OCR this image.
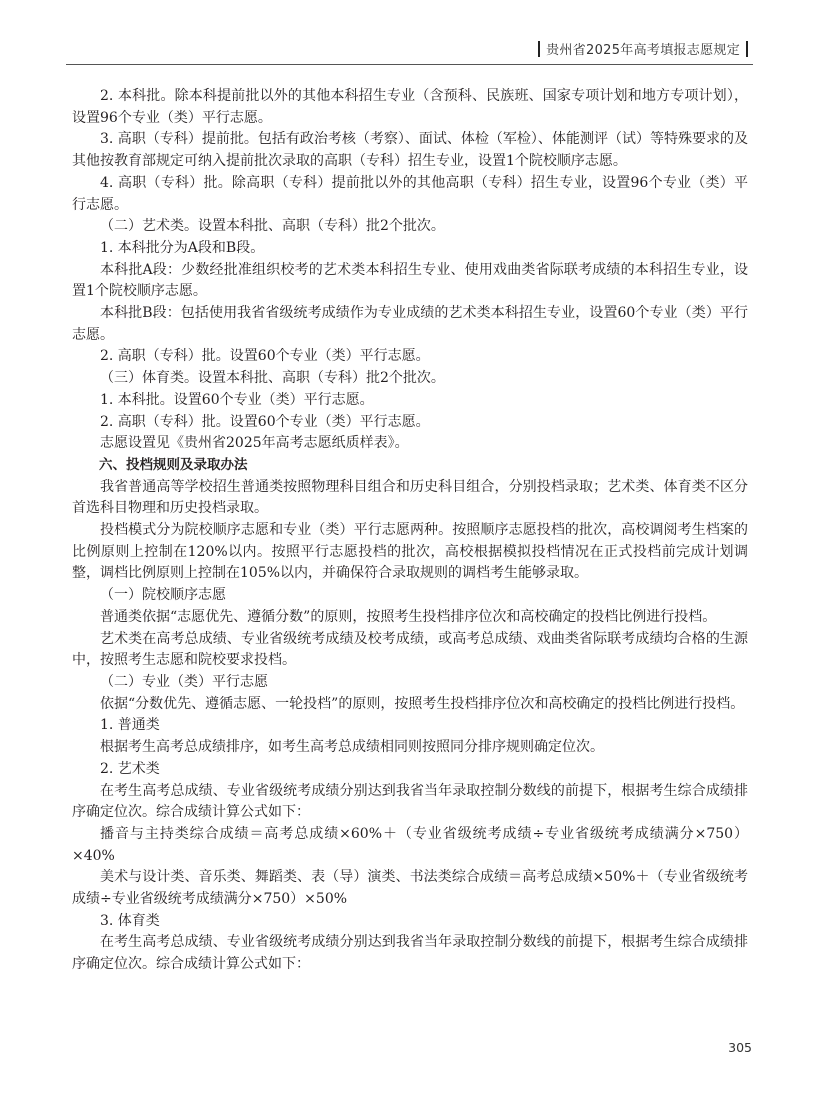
贵州省2025年高考填报志愿规定

2. 本科批。除本科提前批以外的其他本科招生专业（含预科、民族班、国家专项计划和地方专项计划），设置96个专业（类）平行志愿。

3. 高职（专科）提前批。包括有政治考核（考察）、面试、体检（军检）、体能测评（试）等特殊要求的及其他按教育部规定可纳入提前批次录取的高职（专科）招生专业，设置1个院校顺序志愿。

4. 高职（专科）批。除高职（专科）提前批以外的其他高职（专科）招生专业，设置96个专业（类）平行志愿。

（二）艺术类。设置本科批、高职（专科）批2个批次。

1. 本科批分为A段和B段。

本科批A段：少数经批准组织校考的艺术类本科招生专业、使用戏曲类省际联考成绩的本科招生专业，设置1个院校顺序志愿。

本科批B段：包括使用我省省级统考成绩作为专业成绩的艺术类本科招生专业，设置60个专业（类）平行志愿。

2. 高职（专科）批。设置60个专业（类）平行志愿。

（三）体育类。设置本科批、高职（专科）批2个批次。

1. 本科批。设置60个专业（类）平行志愿。

2. 高职（专科）批。设置60个专业（类）平行志愿。

志愿设置见《贵州省2025年高考志愿纸质样表》。

六、投档规则及录取办法

我省普通高等学校招生普通类按照物理科目组合和历史科目组合，分别投档录取；艺术类、体育类不区分首选科目物理和历史投档录取。

投档模式分为院校顺序志愿和专业（类）平行志愿两种。按照顺序志愿投档的批次，高校调阅考生档案的比例原则上控制在120%以内。按照平行志愿投档的批次，高校根据模拟投档情况在正式投档前完成计划调整，调档比例原则上控制在105%以内，并确保符合录取规则的调档考生能够录取。

（一）院校顺序志愿

普通类依据“志愿优先、遵循分数”的原则，按照考生投档排序位次和高校确定的投档比例进行投档。

艺术类在高考总成绩、专业省级统考成绩及校考成绩，或高考总成绩、戏曲类省际联考成绩均合格的生源中，按照考生志愿和院校要求投档。

（二）专业（类）平行志愿

依据“分数优先、遵循志愿、一轮投档”的原则，按照考生投档排序位次和高校确定的投档比例进行投档。

1. 普通类

根据考生高考总成绩排序，如考生高考总成绩相同则按照同分排序规则确定位次。

2. 艺术类

在考生高考总成绩、专业省级统考成绩分别达到我省当年录取控制分数线的前提下，根据考生综合成绩排序确定位次。综合成绩计算公式如下：

播音与主持类综合成绩＝高考总成绩×60%＋（专业省级统考成绩÷专业省级统考成绩满分×750）×40%

美术与设计类、音乐类、舞蹈类、表（导）演类、书法类综合成绩＝高考总成绩×50%＋（专业省级统考成绩÷专业省级统考成绩满分×750）×50%

3. 体育类

在考生高考总成绩、专业省级统考成绩分别达到我省当年录取控制分数线的前提下，根据考生综合成绩排序确定位次。综合成绩计算公式如下：

305
